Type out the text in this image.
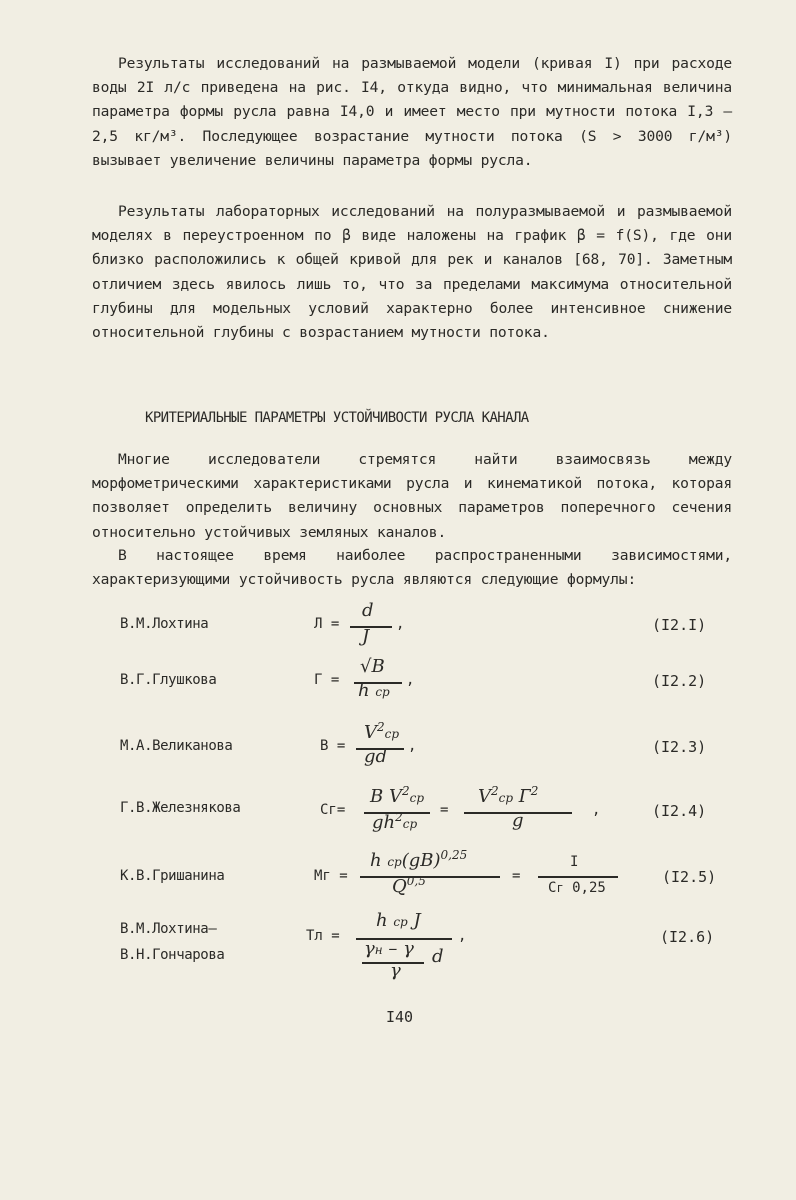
Результаты исследований на размываемой модели (кривая I) при расходе воды 2I л/с приведена на рис. I4, откуда видно, что минимальная величина параметра формы русла равна I4,0 и имеет место при мутности потока I,3 – 2,5 кг/м³. Последующее возрастание мутности потока (S > 3000 г/м³) вызывает увеличение величины параметра формы русла.

Результаты лабораторных исследований на полуразмываемой и размываемой моделях в переустроенном по β виде наложены на график β = f(S), где они близко расположились к общей кривой для рек и каналов [68, 70]. Заметным отличием здесь явилось лишь то, что за пределами максимума относительной глубины для модельных условий характерно более интенсивное снижение относительной глубины с возрастанием мутности потока.

КРИТЕРИАЛЬНЫЕ ПАРАМЕТРЫ УСТОЙЧИВОСТИ РУСЛА КАНАЛА

Многие исследователи стремятся найти взаимосвязь между морфометрическими характеристиками русла и кинематикой потока, которая позволяет определить величину основных параметров поперечного сечения относительно устойчивых земляных каналов.

В настоящее время наиболее распространенными зависимостями, характеризующими устойчивость русла являются следующие формулы:

В.М.Лохтина	Л =
d
J
,	(I2.I)
В.Г.Глушкова	Г =
√B
h ср
,	(I2.2)
М.А.Великанова	В =
$V^2ср$
gd ,	(I2.3)
Г.В.Железнякова	Cг=
B $V^2ср$
$gh^2ср$
=
$V^2ср$ $Г^2$
g	,	(I2.4)
К.В.Гришанина	Mг =
h ср(gB)$^{0,25}$
Q$^{0,5}$	=
I
Cг 0,25
(I2.5)
В.М.Лохтина–
В.Н.Гончарова
Tл =
h ср J
γн – γ
γ
d
,	(I2.6)
I40
